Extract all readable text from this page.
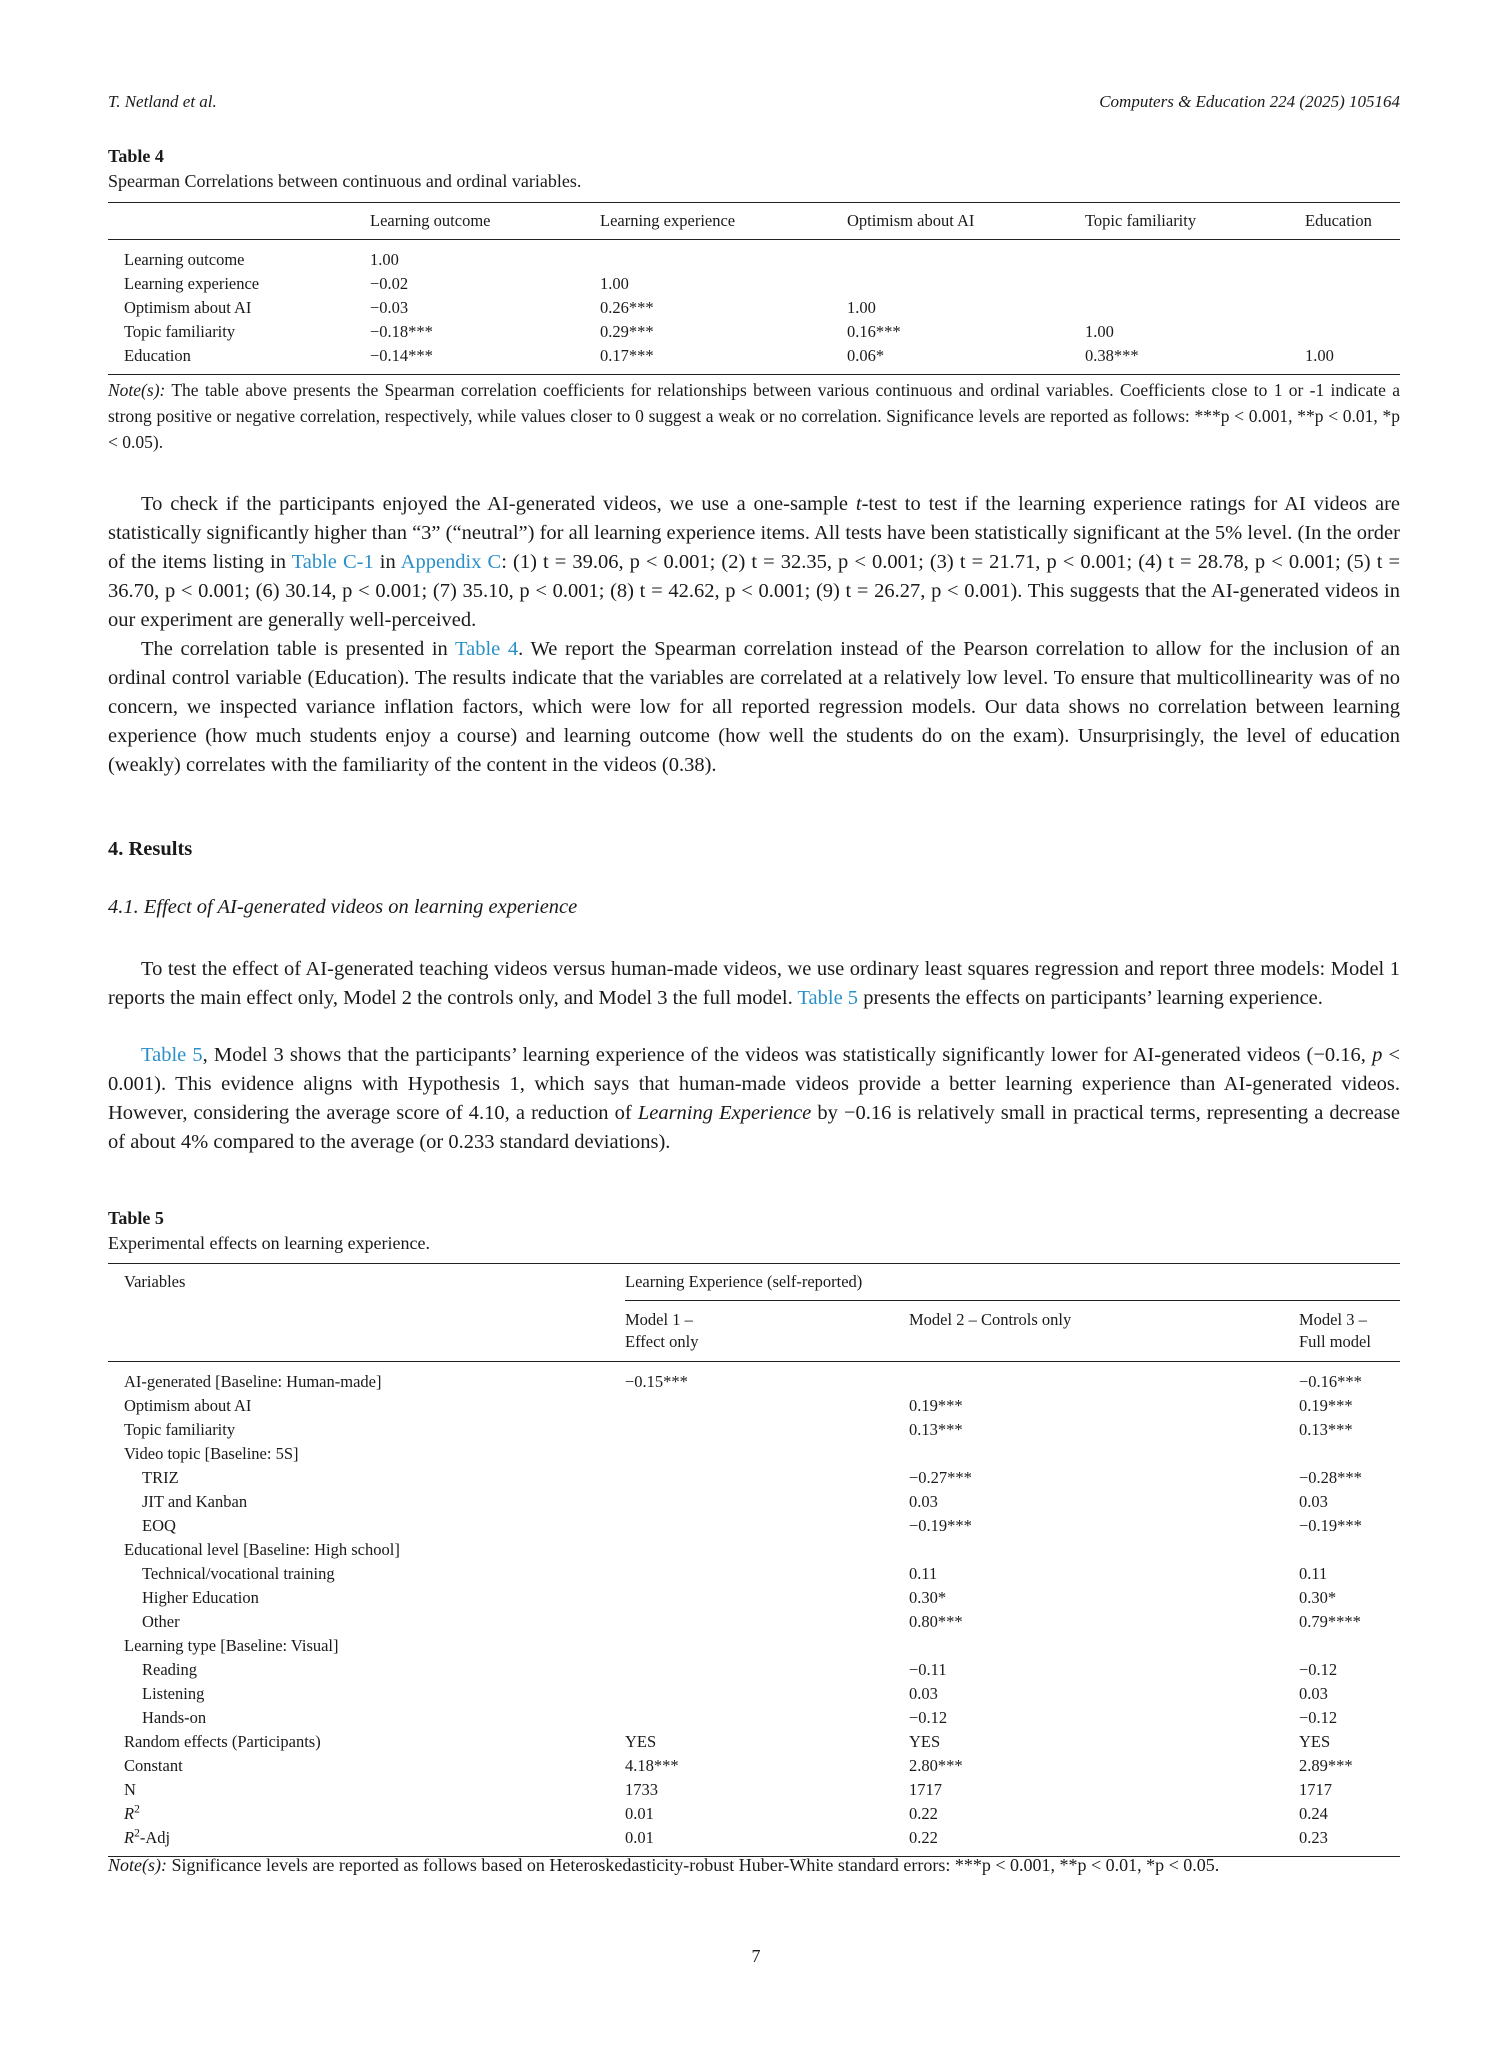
T. Netland et al.	Computers & Education 224 (2025) 105164
Table 4
Spearman Correlations between continuous and ordinal variables.
	Learning outcome	Learning experience	Optimism about AI	Topic familiarity	Education
Learning outcome	1.00				
Learning experience	−0.02	1.00			
Optimism about AI	−0.03	0.26***	1.00		
Topic familiarity	−0.18***	0.29***	0.16***	1.00	
Education	−0.14***	0.17***	0.06*	0.38***	1.00
Note(s): The table above presents the Spearman correlation coefficients for relationships between various continuous and ordinal variables. Coefficients close to 1 or -1 indicate a strong positive or negative correlation, respectively, while values closer to 0 suggest a weak or no correlation. Significance levels are reported as follows: ***p < 0.001, **p < 0.01, *p < 0.05).
To check if the participants enjoyed the AI-generated videos, we use a one-sample t-test to test if the learning experience ratings for AI videos are statistically significantly higher than “3” (“neutral”) for all learning experience items. All tests have been statistically significant at the 5% level. (In the order of the items listing in Table C-1 in Appendix C: (1) t = 39.06, p < 0.001; (2) t = 32.35, p < 0.001; (3) t = 21.71, p < 0.001; (4) t = 28.78, p < 0.001; (5) t = 36.70, p < 0.001; (6) 30.14, p < 0.001; (7) 35.10, p < 0.001; (8) t = 42.62, p < 0.001; (9) t = 26.27, p < 0.001). This suggests that the AI-generated videos in our experiment are generally well-perceived.
The correlation table is presented in Table 4. We report the Spearman correlation instead of the Pearson correlation to allow for the inclusion of an ordinal control variable (Education). The results indicate that the variables are correlated at a relatively low level. To ensure that multicollinearity was of no concern, we inspected variance inflation factors, which were low for all reported regression models. Our data shows no correlation between learning experience (how much students enjoy a course) and learning outcome (how well the students do on the exam). Unsurprisingly, the level of education (weakly) correlates with the familiarity of the content in the videos (0.38).
4. Results
4.1. Effect of AI-generated videos on learning experience
To test the effect of AI-generated teaching videos versus human-made videos, we use ordinary least squares regression and report three models: Model 1 reports the main effect only, Model 2 the controls only, and Model 3 the full model. Table 5 presents the effects on participants’ learning experience.
Table 5, Model 3 shows that the participants’ learning experience of the videos was statistically significantly lower for AI-generated videos (−0.16, p < 0.001). This evidence aligns with Hypothesis 1, which says that human-made videos provide a better learning experience than AI-generated videos. However, considering the average score of 4.10, a reduction of Learning Experience by −0.16 is relatively small in practical terms, representing a decrease of about 4% compared to the average (or 0.233 standard deviations).
Table 5
Experimental effects on learning experience.
Variables	Learning Experience (self-reported)		
	Model 1 –
Effect only	Model 2 – Controls only	Model 3 –
Full model
AI-generated [Baseline: Human-made]	−0.15***		−0.16***
Optimism about AI		0.19***	0.19***
Topic familiarity		0.13***	0.13***
Video topic [Baseline: 5S]			
TRIZ		−0.27***	−0.28***
JIT and Kanban		0.03	0.03
EOQ		−0.19***	−0.19***
Educational level [Baseline: High school]			
Technical/vocational training		0.11	0.11
Higher Education		0.30*	0.30*
Other		0.80***	0.79****
Learning type [Baseline: Visual]			
Reading		−0.11	−0.12
Listening		0.03	0.03
Hands-on		−0.12	−0.12
Random effects (Participants)	YES	YES	YES
Constant	4.18***	2.80***	2.89***
N	1733	1717	1717
$R^2$	0.01	0.22	0.24
$R^2$-Adj	0.01	0.22	0.23
Note(s): Significance levels are reported as follows based on Heteroskedasticity-robust Huber-White standard errors: ***p < 0.001, **p < 0.01, *p < 0.05.
7
